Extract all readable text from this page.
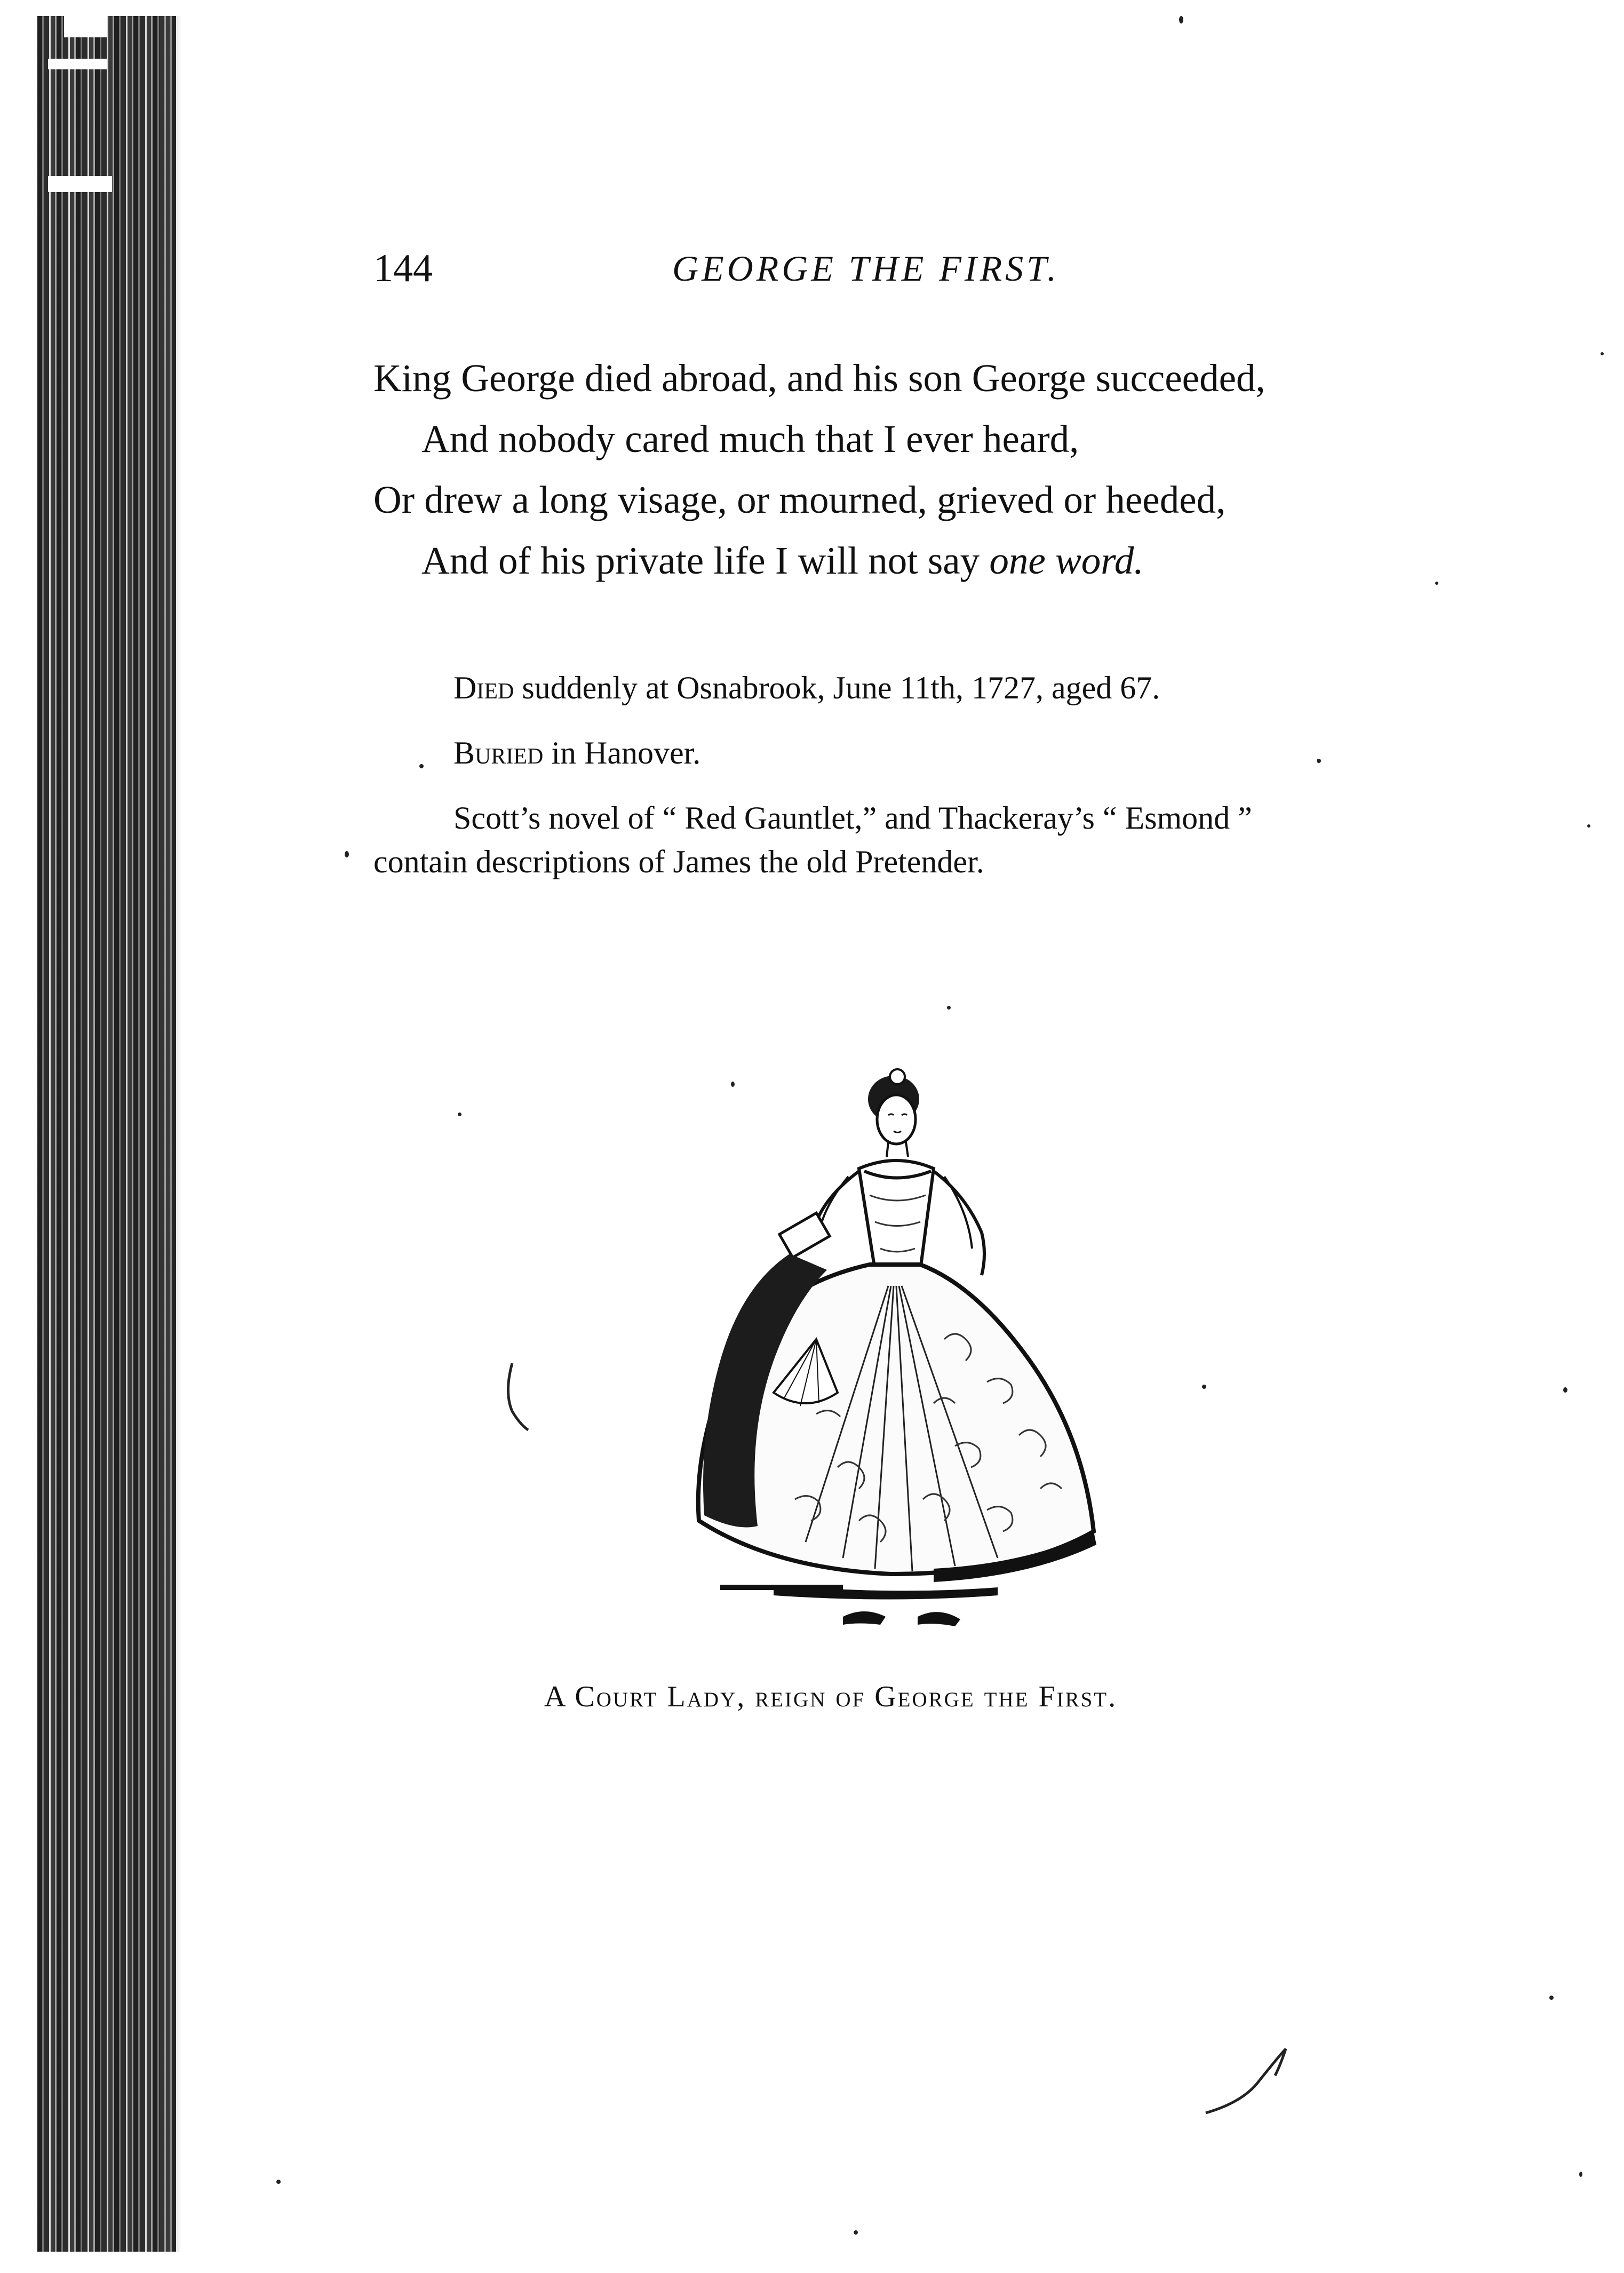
144	GEORGE THE FIRST.
King George died abroad, and his son George succeeded,
And nobody cared much that I ever heard,
Or drew a long visage, or mourned, grieved or heeded,
And of his private life I will not say one word.
Died suddenly at Osnabrook, June 11th, 1727, aged 67.
Buried in Hanover.
Scott’s novel of “ Red Gauntlet,” and Thackeray’s “ Esmond ”
contain descriptions of James the old Pretender.
A Court Lady, reign of George the First.
